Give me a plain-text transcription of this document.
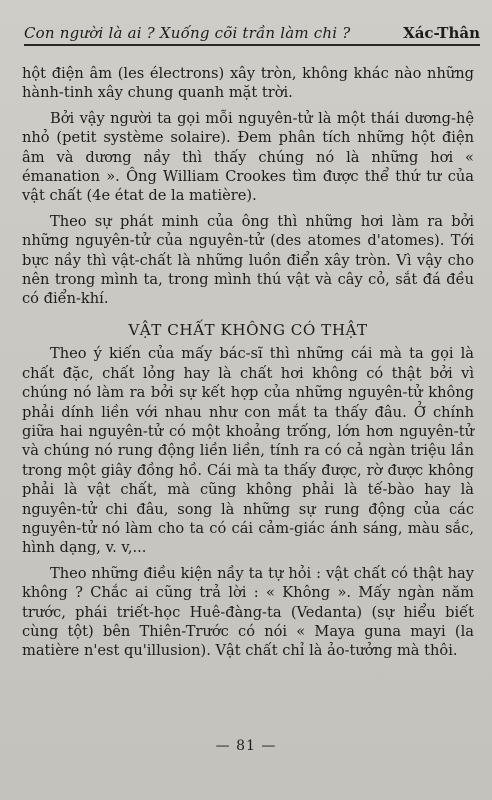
Con người là ai ? Xuống cõi trần làm chi ?	Xác-Thân

hột điện âm (les électrons) xây tròn, không khác nào những hành-tinh xây chung quanh mặt trời.

Bởi vậy người ta gọi mỗi nguyên-tử là một thái dương-hệ nhỏ (petit système solaire). Đem phân tích những hột điện âm và dương nầy thì thấy chúng nó là những hơi « émanation ». Ông William Crookes tìm được thể thứ tư của vật chất (4e état de la matière).

Theo sự phát minh của ông thì những hơi làm ra bởi những nguyên-tử của nguyên-tử (des atomes d'atomes). Tới bực nầy thì vật-chất là những luồn điển xây tròn. Vì vậy cho nên trong mình ta, trong mình thú vật và cây cỏ, sắt đá đều có điển-khí.

VẬT CHẤT KHÔNG CÓ THẬT

Theo ý kiến của mấy bác-sĩ thì những cái mà ta gọi là chất đặc, chất lỏng hay là chất hơi không có thật bởi vì chúng nó làm ra bởi sự kết hợp của những nguyên-tử không phải dính liền với nhau như con mắt ta thấy đâu. Ở chính giữa hai nguyên-tử có một khoảng trống, lớn hơn nguyên-tử và chúng nó rung động liền liền, tính ra có cả ngàn triệu lần trong một giây đồng hồ. Cái mà ta thấy được, rờ được không phải là vật chất, mà cũng không phải là tế-bào hay là nguyên-tử chi đâu, song là những sự rung động của các nguyên-tử nó làm cho ta có cái cảm-giác ánh sáng, màu sắc, hình dạng, v. v,...

Theo những điều kiện nầy ta tự hỏi : vật chất có thật hay không ? Chắc ai cũng trả lời : « Không ». Mấy ngàn năm trước, phái triết-học Huê-đàng-ta (Vedanta) (sự hiểu biết cùng tột) bên Thiên-Trước có nói « Maya guna mayi (la matière n'est qu'illusion). Vật chất chỉ là ảo-tưởng mà thôi.

— 81 —
